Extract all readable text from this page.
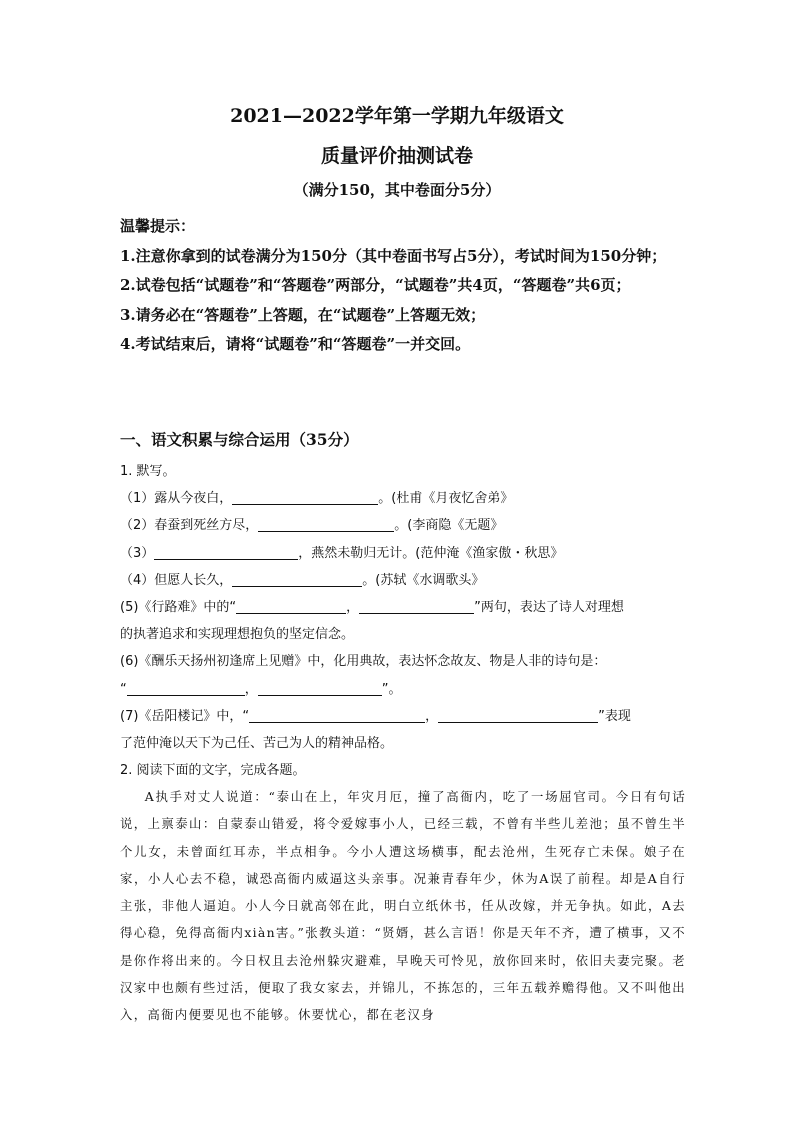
2021—2022学年第一学期九年级语文
质量评价抽测试卷
（满分150，其中卷面分5分）

温馨提示：

1.注意你拿到的试卷满分为150分（其中卷面书写占5分），考试时间为150分钟；

2.试卷包括“试题卷”和“答题卷”两部分，“试题卷”共4页，“答题卷”共6页；

3.请务必在“答题卷”上答题，在“试题卷”上答题无效；

4.考试结束后，请将“试题卷”和“答题卷”一并交回。

一、语文积累与综合运用（35分）

1. 默写。

（1）露从今夜白，	。(杜甫《月夜忆舍弟》

（2）春蚕到死丝方尽，	。(李商隐《无题》

（3）	，燕然未勒归无计。(范仲淹《渔家傲・秋思》

（4）但愿人长久，	。(苏轼《水调歌头》

(5)《行路难》中的“	，	”两句，表达了诗人对理想

的执著追求和实现理想抱负的坚定信念。

(6)《酬乐天扬州初逢席上见赠》中，化用典故，表达怀念故友、物是人非的诗句是：

“	，	”。

(7)《岳阳楼记》中，“	，	”表现

了范仲淹以天下为己任、苦己为人的精神品格。

2. 阅读下面的文字，完成各题。

A执手对丈人说道：“泰山在上，年灾月厄，撞了高衙内，吃了一场屈官司。今日有句话说，上禀泰山：自蒙泰山错爱，将令爱嫁事小人，已经三载，不曾有半些儿差池；虽不曾生半个儿女，未曾面红耳赤，半点相争。今小人遭这场横事，配去沧州，生死存亡未保。娘子在家，小人心去不稳，诚恐高衙内威逼这头亲事。况兼青春年少，休为A误了前程。却是A自行主张，非他人逼迫。小人今日就高邻在此，明白立纸休书，任从改嫁，并无争执。如此，A去得心稳，免得高衙内xiàn害。”张教头道：“贤婿，甚么言语！你是天年不齐，遭了横事，又不是你作将出来的。今日权且去沧州躲灾避难，早晚天可怜见，放你回来时，依旧夫妻完聚。老汉家中也颇有些过活，便取了我女家去，并锦儿，不拣怎的，三年五载养赡得他。又不叫他出入，高衙内便要见也不能够。休要忧心，都在老汉身
